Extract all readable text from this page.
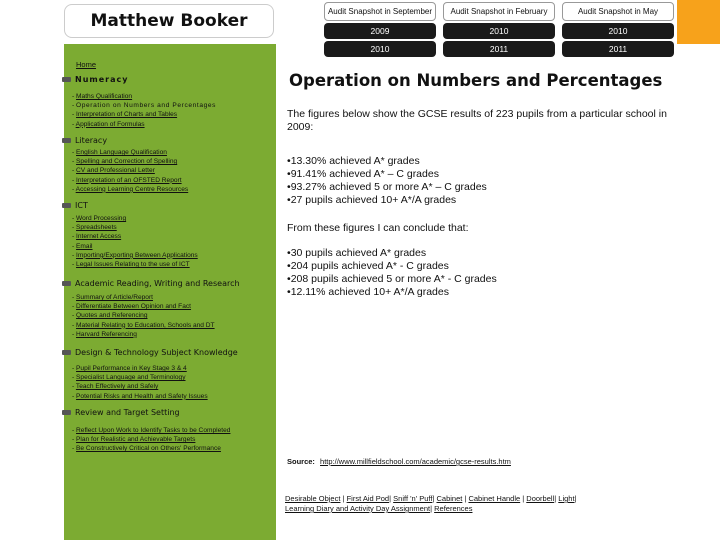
Matthew Booker	Audit Snapshot in September
2009
2010
Audit Snapshot in February
2010
2011
Audit Snapshot in May
2010
2011
Home
Numeracy
- Maths Qualification
- Operation on Numbers and Percentages
- Interpretation of Charts and Tables
- Application of Formulas
Literacy
- English Language Qualification
- Spelling and Correction of Spelling
- CV and Professional Letter
- Interpretation of an OFSTED Report
- Accessing Learning Centre Resources
ICT
- Word Processing
- Spreadsheets
- Internet Access
- Email
- Importing/Exporting Between Applications
- Legal Issues Relating to the use of ICT
Academic Reading, Writing and Research
- Summary of Article/Report
- Differentiate Between Opinion and Fact
- Quotes and Referencing
- Material Relating to Education, Schools and DT
- Harvard Referencing
Design & Technology Subject Knowledge
- Pupil Performance in Key Stage 3 & 4
- Specialist Language and Terminology
- Teach Effectively and Safely
- Potential Risks and Health and Safety Issues
Review and Target Setting
- Reflect Upon Work to Identify Tasks to be Completed
- Plan for Realistic and Achievable Targets
- Be Constructively Critical on Others' Performance
Operation on Numbers and Percentages

The figures below show the GCSE results of 223 pupils from a particular school in 2009:

• 13.30% achieved A* grades
• 91.41% achieved A* – C grades
• 93.27% achieved 5 or more A* – C grades
• 27 pupils achieved 10+ A*/A grades

From these figures I can conclude that:

• 30 pupils achieved A* grades
• 204 pupils achieved A* - C grades
• 208 pupils achieved 5 or more A* - C grades
• 12.11% achieved 10+ A*/A grades
Source: http://www.millfieldschool.com/academic/gcse-results.htm
Desirable Object | First Aid Pod| Sniff 'n' Puff| Cabinet | Cabinet Handle | Doorbell| Light|
Learning Diary and Activity Day Assignment| References
